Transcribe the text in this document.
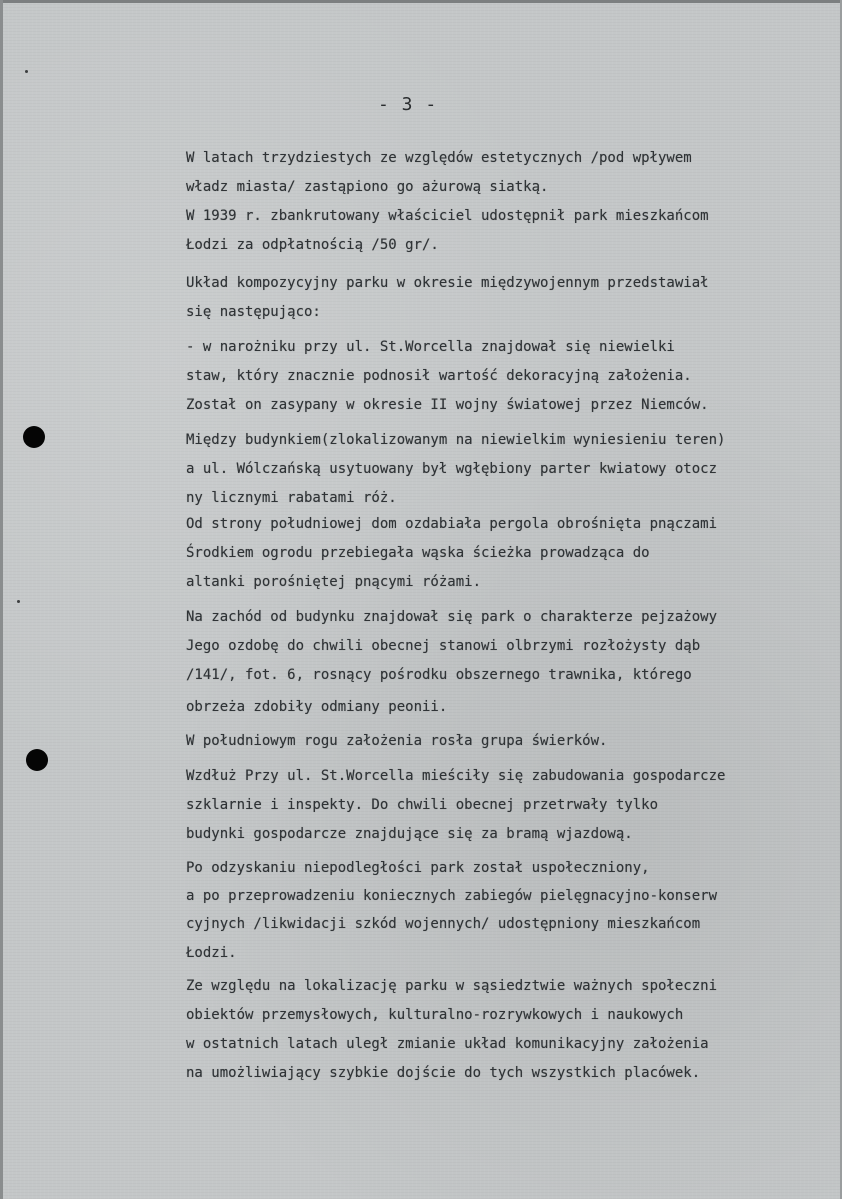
- 3 -
W latach trzydziestych ze względów estetycznych /pod wpływem
władz miasta/ zastąpiono go ażurową siatką.
W 1939 r. zbankrutowany właściciel udostępnił park mieszkańcom
Łodzi za odpłatnością /50 gr/.
Układ kompozycyjny parku w okresie międzywojennym przedstawiał
się następująco:
- w narożniku przy ul. St.Worcella znajdował się niewielki
staw, który znacznie podnosił wartość dekoracyjną założenia.
Został on zasypany w okresie II wojny światowej przez Niemców.
Między budynkiem(zlokalizowanym na niewielkim wyniesieniu teren)
a ul. Wólczańską usytuowany był wgłębiony parter kwiatowy otocz
ny licznymi rabatami róż.
Od strony południowej dom ozdabiała pergola obrośnięta pnączami
Środkiem ogrodu przebiegała wąska ścieżka prowadząca do
altanki porośniętej pnącymi różami.
Na zachód od budynku znajdował się park o charakterze pejzażowy
Jego ozdobę do chwili obecnej stanowi olbrzymi rozłożysty dąb
/141/, fot. 6, rosnący pośrodku obszernego trawnika, którego
obrzeża zdobiły odmiany peonii.
W południowym rogu założenia rosła grupa świerków.
Wzdłuż Przy ul. St.Worcella mieściły się zabudowania gospodarcze
szklarnie i inspekty. Do chwili obecnej przetrwały tylko
budynki gospodarcze znajdujące się za bramą wjazdową.
Po odzyskaniu niepodległości park został uspołeczniony,
a po przeprowadzeniu koniecznych zabiegów pielęgnacyjno-konserw
cyjnych /likwidacji szkód wojennych/ udostępniony mieszkańcom
Łodzi.
Ze względu na lokalizację parku w sąsiedztwie ważnych społeczni
obiektów przemysłowych, kulturalno-rozrywkowych i naukowych
w ostatnich latach uległ zmianie układ komunikacyjny założenia
na umożliwiający szybkie dojście do tych wszystkich placówek.
